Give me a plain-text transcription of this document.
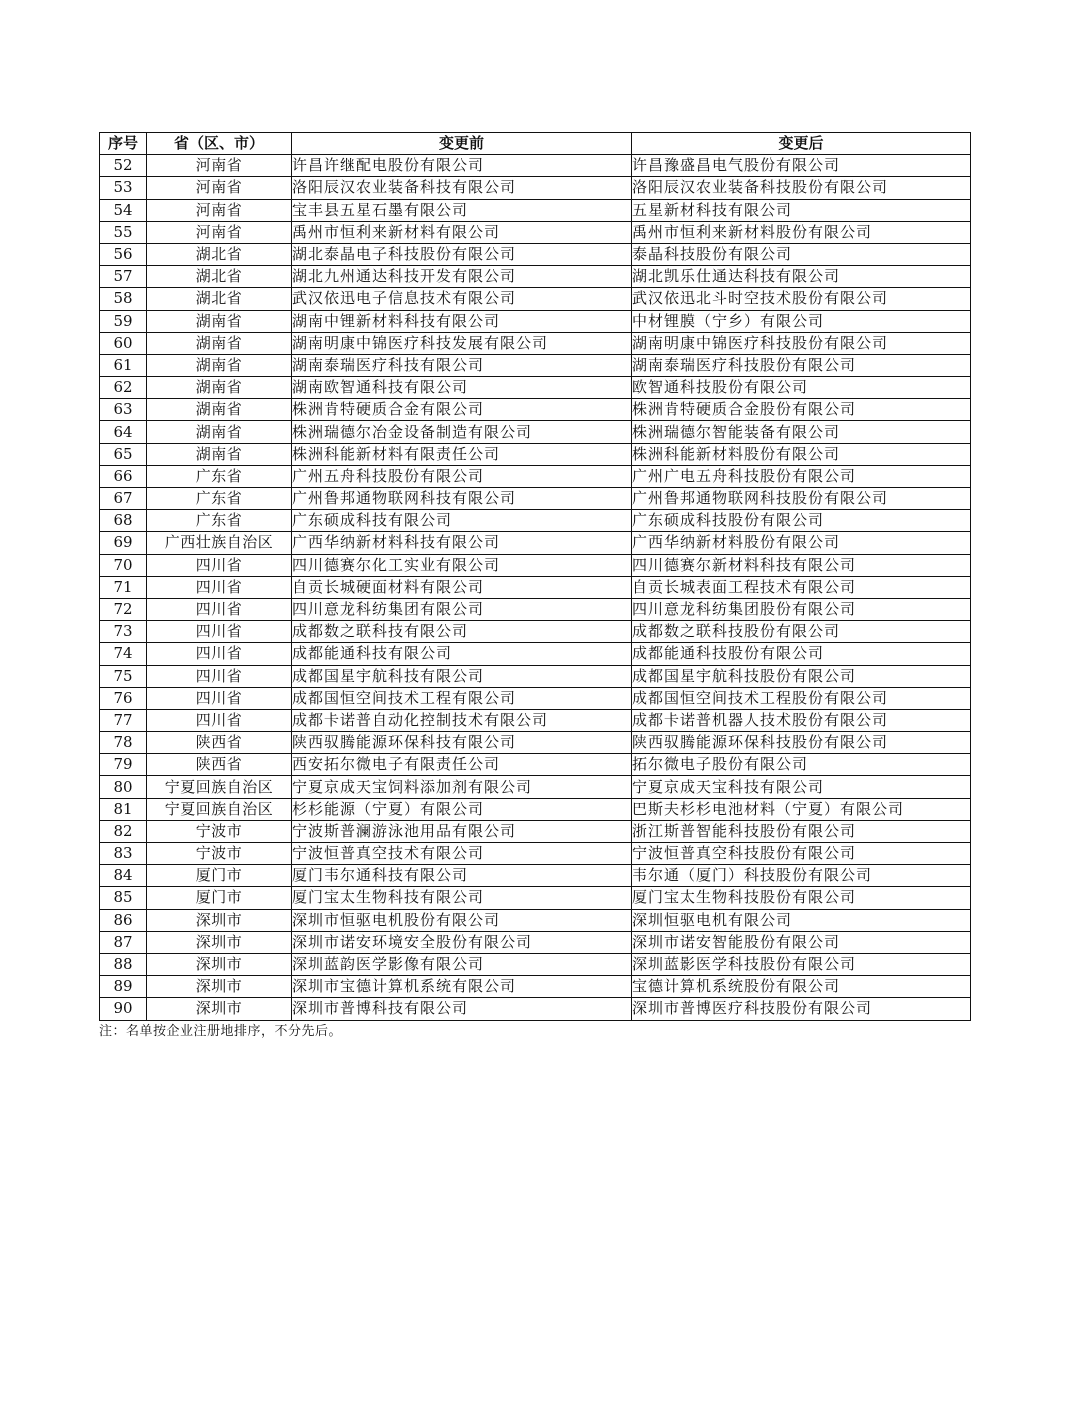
序号	省（区、市）	变更前	变更后
52	河南省	许昌许继配电股份有限公司	许昌豫盛昌电气股份有限公司
53	河南省	洛阳辰汉农业装备科技有限公司	洛阳辰汉农业装备科技股份有限公司
54	河南省	宝丰县五星石墨有限公司	五星新材科技有限公司
55	河南省	禹州市恒利来新材料有限公司	禹州市恒利来新材料股份有限公司
56	湖北省	湖北泰晶电子科技股份有限公司	泰晶科技股份有限公司
57	湖北省	湖北九州通达科技开发有限公司	湖北凯乐仕通达科技有限公司
58	湖北省	武汉依迅电子信息技术有限公司	武汉依迅北斗时空技术股份有限公司
59	湖南省	湖南中锂新材料科技有限公司	中材锂膜（宁乡）有限公司
60	湖南省	湖南明康中锦医疗科技发展有限公司	湖南明康中锦医疗科技股份有限公司
61	湖南省	湖南泰瑞医疗科技有限公司	湖南泰瑞医疗科技股份有限公司
62	湖南省	湖南欧智通科技有限公司	欧智通科技股份有限公司
63	湖南省	株洲肯特硬质合金有限公司	株洲肯特硬质合金股份有限公司
64	湖南省	株洲瑞德尔冶金设备制造有限公司	株洲瑞德尔智能装备有限公司
65	湖南省	株洲科能新材料有限责任公司	株洲科能新材料股份有限公司
66	广东省	广州五舟科技股份有限公司	广州广电五舟科技股份有限公司
67	广东省	广州鲁邦通物联网科技有限公司	广州鲁邦通物联网科技股份有限公司
68	广东省	广东硕成科技有限公司	广东硕成科技股份有限公司
69	广西壮族自治区	广西华纳新材料科技有限公司	广西华纳新材料股份有限公司
70	四川省	四川德赛尔化工实业有限公司	四川德赛尔新材料科技有限公司
71	四川省	自贡长城硬面材料有限公司	自贡长城表面工程技术有限公司
72	四川省	四川意龙科纺集团有限公司	四川意龙科纺集团股份有限公司
73	四川省	成都数之联科技有限公司	成都数之联科技股份有限公司
74	四川省	成都能通科技有限公司	成都能通科技股份有限公司
75	四川省	成都国星宇航科技有限公司	成都国星宇航科技股份有限公司
76	四川省	成都国恒空间技术工程有限公司	成都国恒空间技术工程股份有限公司
77	四川省	成都卡诺普自动化控制技术有限公司	成都卡诺普机器人技术股份有限公司
78	陕西省	陕西驭腾能源环保科技有限公司	陕西驭腾能源环保科技股份有限公司
79	陕西省	西安拓尔微电子有限责任公司	拓尔微电子股份有限公司
80	宁夏回族自治区	宁夏京成天宝饲料添加剂有限公司	宁夏京成天宝科技有限公司
81	宁夏回族自治区	杉杉能源（宁夏）有限公司	巴斯夫杉杉电池材料（宁夏）有限公司
82	宁波市	宁波斯普澜游泳池用品有限公司	浙江斯普智能科技股份有限公司
83	宁波市	宁波恒普真空技术有限公司	宁波恒普真空科技股份有限公司
84	厦门市	厦门韦尔通科技有限公司	韦尔通（厦门）科技股份有限公司
85	厦门市	厦门宝太生物科技有限公司	厦门宝太生物科技股份有限公司
86	深圳市	深圳市恒驱电机股份有限公司	深圳恒驱电机有限公司
87	深圳市	深圳市诺安环境安全股份有限公司	深圳市诺安智能股份有限公司
88	深圳市	深圳蓝韵医学影像有限公司	深圳蓝影医学科技股份有限公司
89	深圳市	深圳市宝德计算机系统有限公司	宝德计算机系统股份有限公司
90	深圳市	深圳市普博科技有限公司	深圳市普博医疗科技股份有限公司
注：名单按企业注册地排序，不分先后。
